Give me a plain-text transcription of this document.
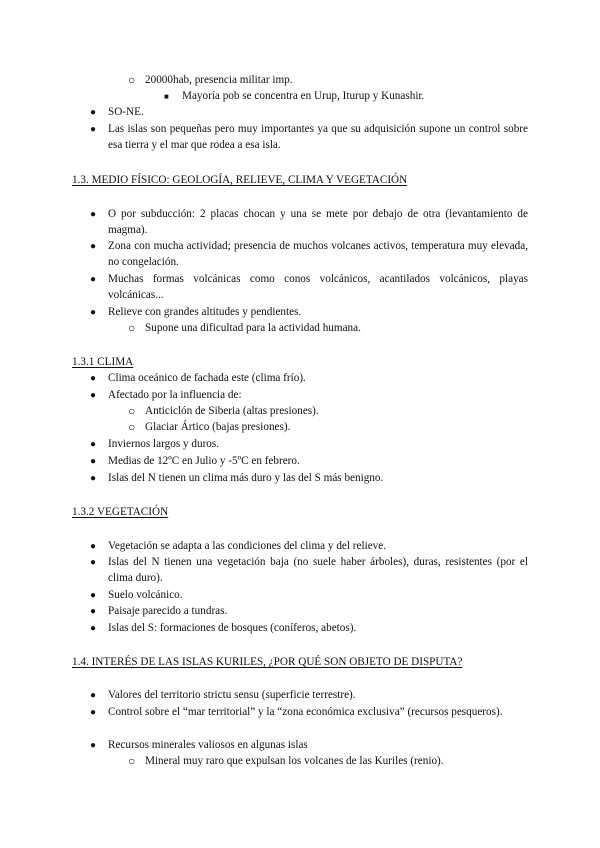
○ 20000hab, presencia militar imp.
■ Mayoría pob se concentra en Urup, Iturup y Kunashir.
● SO-NE.
● Las islas son pequeñas pero muy importantes ya que su adquisición supone un control sobre esa tierra y el mar que rodea a esa isla.
1.3. MEDIO FÍSICO: GEOLOGÍA, RELIEVE, CLIMA Y VEGETACIÓN
● O por subducción: 2 placas chocan y una se mete por debajo de otra (levantamiento de magma).
● Zona con mucha actividad; presencia de muchos volcanes activos, temperatura muy elevada, no congelación.
● Muchas formas volcánicas como conos volcánicos, acantilados volcánicos, playas volcánicas...
● Relieve con grandes altitudes y pendientes.
○ Supone una dificultad para la actividad humana.
1.3.1 CLIMA
● Clima oceánico de fachada este (clima frío).
● Afectado por la influencia de:
○ Anticiclón de Siberia (altas presiones).
○ Glaciar Ártico (bajas presiones).
● Inviernos largos y duros.
● Medias de 12ºC en Julio y -5ºC en febrero.
● Islas del N tienen un clima más duro y las del S más benigno.
1.3.2 VEGETACIÓN
● Vegetación se adapta a las condiciones del clima y del relieve.
● Islas del N tienen una vegetación baja (no suele haber árboles), duras, resistentes (por el clima duro).
● Suelo volcánico.
● Paisaje parecido a tundras.
● Islas del S: formaciones de bosques (coníferos, abetos).
1.4. INTERÉS DE LAS ISLAS KURILES, ¿POR QUÉ SON OBJETO DE DISPUTA?
● Valores del territorio strictu sensu (superficie terrestre).
● Control sobre el “mar territorial” y la “zona económica exclusiva” (recursos pesqueros).
● Recursos minerales valiosos en algunas islas
○ Mineral muy raro que expulsan los volcanes de las Kuriles (renio).
